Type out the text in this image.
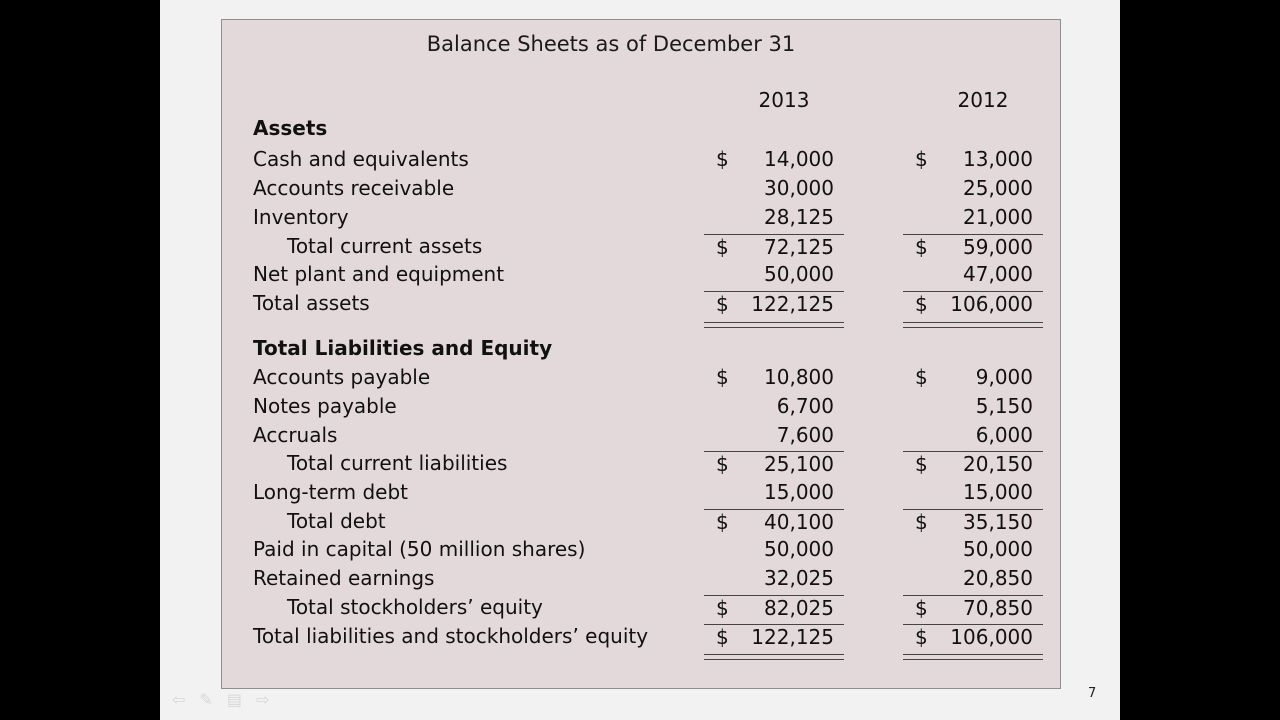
Balance Sheets as of December 31
2013	2012
Assets
Cash and equivalents	$ 14,000	$ 13,000
Accounts receivable	30,000	25,000
Inventory	28,125	21,000
Total current assets	$ 72,125	$ 59,000
Net plant and equipment	50,000	47,000
Total assets	$ 122,125	$ 106,000
Total Liabilities and Equity
Accounts payable	$ 10,800	$ 9,000
Notes payable	6,700	5,150
Accruals	7,600	6,000
Total current liabilities	$ 25,100	$ 20,150
Long-term debt	15,000	15,000
Total debt	$ 40,100	$ 35,150
Paid in capital (50 million shares)	50,000	50,000
Retained earnings	32,025	20,850
Total stockholders’ equity	$ 82,025	$ 70,850
Total liabilities and stockholders’ equity	$ 122,125	$ 106,000
⇦ ✎ ▤ ⇨	7
